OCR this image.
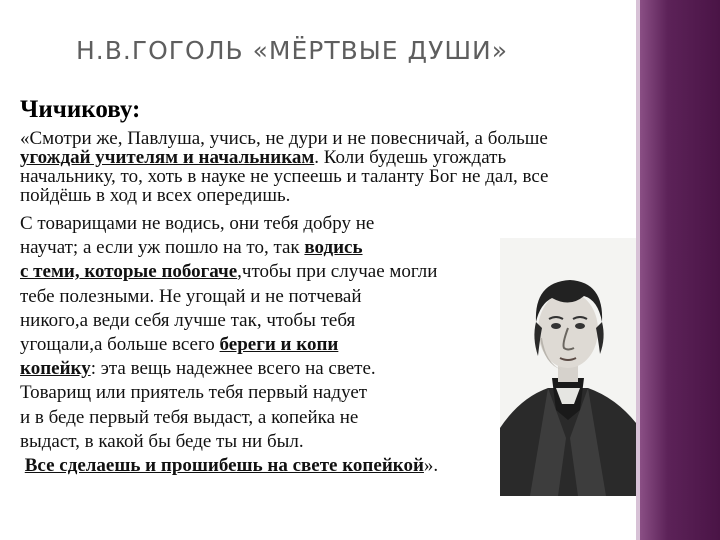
Н.В.ГОГОЛЬ «МЁРТВЫЕ ДУШИ»
Чичикову:
«Смотри же, Павлуша, учись, не дури и не повесничай, а больше
угождай учителям и начальникам. Коли будешь угождать
начальнику, то, хоть в науке не успеешь и таланту Бог не дал, все
пойдёшь в ход и всех опередишь.
С товарищами не водись, они тебя добру не
научат; а если уж пошло на то, так водись
с теми, которые побогаче,чтобы при случае могли
тебе полезными. Не угощай и не потчевай
никого,а веди себя лучше так, чтобы тебя
угощали,а больше всего береги и копи
копейку: эта вещь надежнее всего на свете.
Товарищ или приятель тебя первый надует
и в беде первый тебя выдаст, а копейка не
выдаст, в какой бы беде ты ни был.
Все сделаешь и прошибешь на свете копейкой».
